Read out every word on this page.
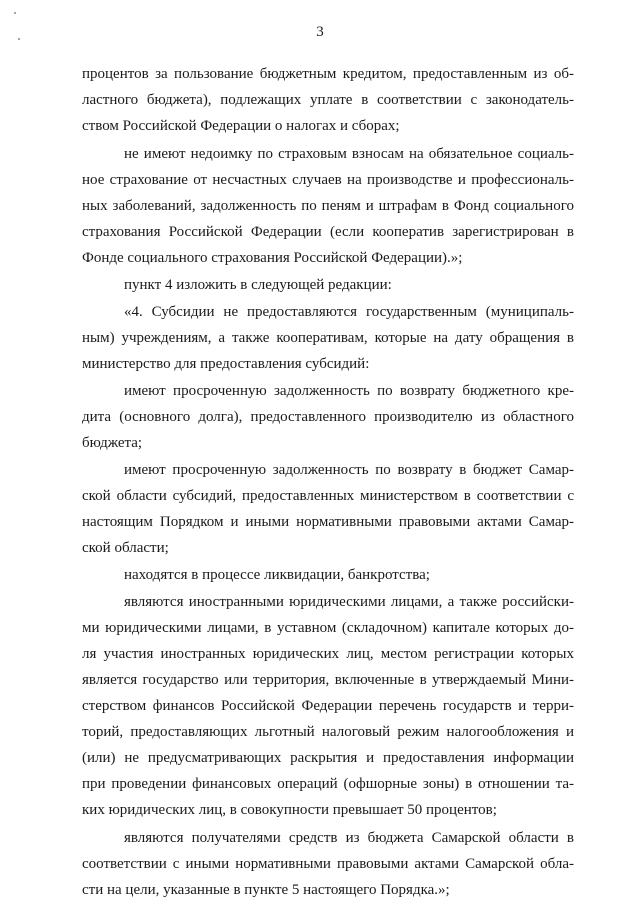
3
процентов за пользование бюджетным кредитом, предоставленным из об-
ластного бюджета), подлежащих уплате в соответствии с законодатель-
ством Российской Федерации о налогах и сборах;
не имеют недоимку по страховым взносам на обязательное социаль-
ное страхование от несчастных случаев на производстве и профессиональ-
ных заболеваний, задолженность по пеням и штрафам в Фонд социального
страхования Российской Федерации (если кооператив зарегистрирован в
Фонде социального страхования Российской Федерации).»;
пункт 4 изложить в следующей редакции:
«4. Субсидии не предоставляются государственным (муниципаль-
ным) учреждениям, а также кооперативам, которые на дату обращения в
министерство для предоставления субсидий:
имеют просроченную задолженность по возврату бюджетного кре-
дита (основного долга), предоставленного производителю из областного
бюджета;
имеют просроченную задолженность по возврату в бюджет Самар-
ской области субсидий, предоставленных министерством в соответствии с
настоящим Порядком и иными нормативными правовыми актами Самар-
ской области;
находятся в процессе ликвидации, банкротства;
являются иностранными юридическими лицами, а также российски-
ми юридическими лицами, в уставном (складочном) капитале которых до-
ля участия иностранных юридических лиц, местом регистрации которых
является государство или территория, включенные в утверждаемый Мини-
стерством финансов Российской Федерации перечень государств и терри-
торий, предоставляющих льготный налоговый режим налогообложения и
(или) не предусматривающих раскрытия и предоставления информации
при проведении финансовых операций (офшорные зоны) в отношении та-
ких юридических лиц, в совокупности превышает 50 процентов;
являются получателями средств из бюджета Самарской области в
соответствии с иными нормативными правовыми актами Самарской обла-
сти на цели, указанные в пункте 5 настоящего Порядка.»;
